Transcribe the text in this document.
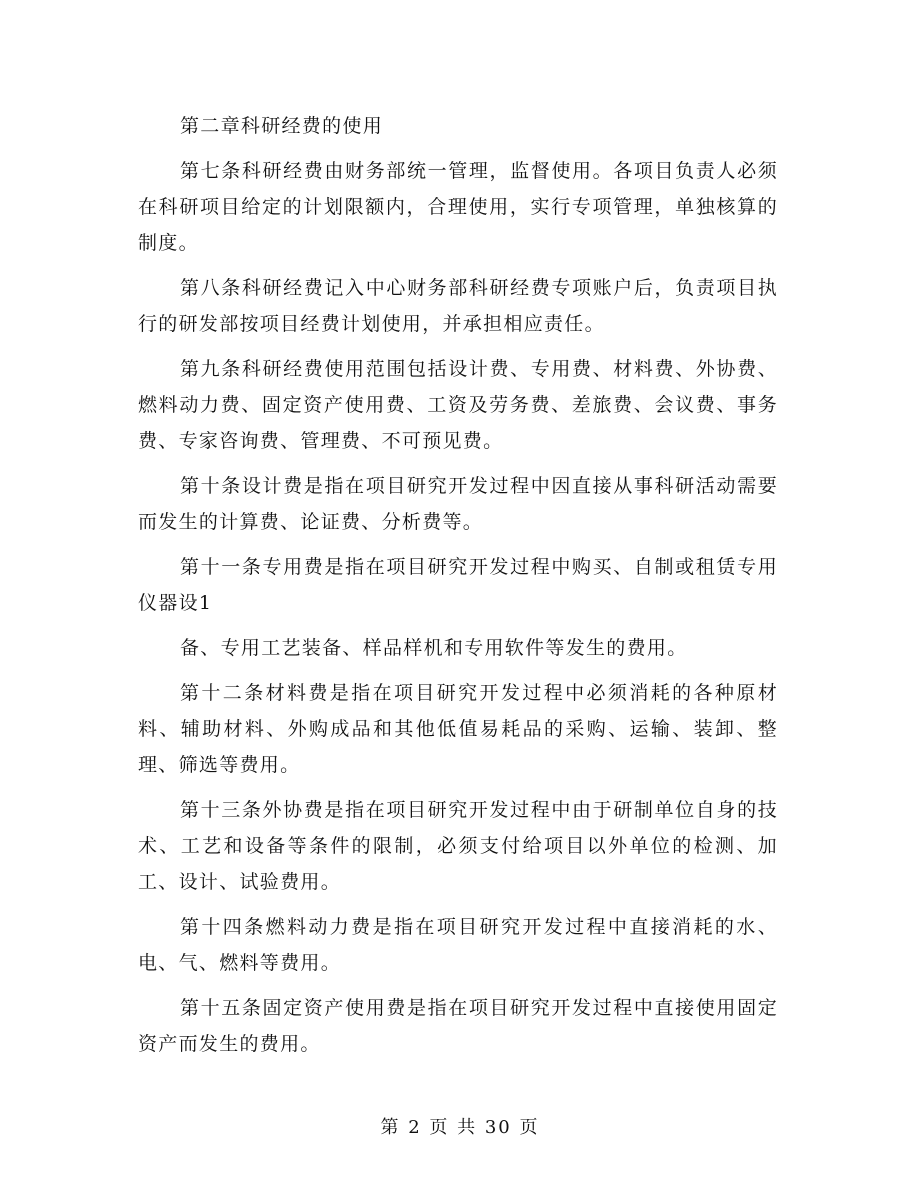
第二章科研经费的使用

第七条科研经费由财务部统一管理，监督使用。各项目负责人必须在科研项目给定的计划限额内，合理使用，实行专项管理，单独核算的制度。

第八条科研经费记入中心财务部科研经费专项账户后，负责项目执行的研发部按项目经费计划使用，并承担相应责任。

第九条科研经费使用范围包括设计费、专用费、材料费、外协费、燃料动力费、固定资产使用费、工资及劳务费、差旅费、会议费、事务费、专家咨询费、管理费、不可预见费。

第十条设计费是指在项目研究开发过程中因直接从事科研活动需要而发生的计算费、论证费、分析费等。

第十一条专用费是指在项目研究开发过程中购买、自制或租赁专用仪器设1

备、专用工艺装备、样品样机和专用软件等发生的费用。

第十二条材料费是指在项目研究开发过程中必须消耗的各种原材料、辅助材料、外购成品和其他低值易耗品的采购、运输、装卸、整理、筛选等费用。

第十三条外协费是指在项目研究开发过程中由于研制单位自身的技术、工艺和设备等条件的限制，必须支付给项目以外单位的检测、加工、设计、试验费用。

第十四条燃料动力费是指在项目研究开发过程中直接消耗的水、电、气、燃料等费用。

第十五条固定资产使用费是指在项目研究开发过程中直接使用固定资产而发生的费用。

第 2 页 共 30 页
